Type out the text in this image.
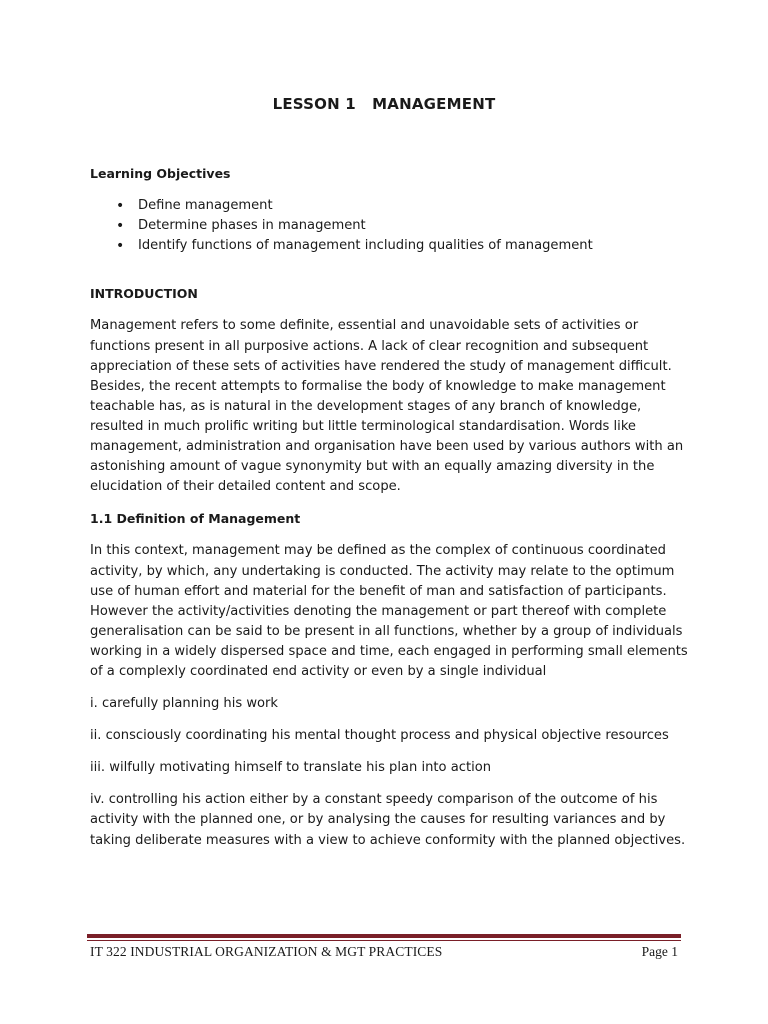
LESSON 1   MANAGEMENT
Learning Objectives
• Define management
• Determine phases in management
• Identify functions of management including qualities of management
INTRODUCTION

Management refers to some definite, essential and unavoidable sets of activities or functions present in all purposive actions. A lack of clear recognition and subsequent appreciation of these sets of activities have rendered the study of management difficult. Besides, the recent attempts to formalise the body of knowledge to make management teachable has, as is natural in the development stages of any branch of knowledge, resulted in much prolific writing but little terminological standardisation. Words like management, administration and organisation have been used by various authors with an astonishing amount of vague synonymity but with an equally amazing diversity in the elucidation of their detailed content and scope.

1.1 Definition of Management

In this context, management may be defined as the complex of continuous coordinated activity, by which, any undertaking is conducted. The activity may relate to the optimum use of human effort and material for the benefit of man and satisfaction of participants. However the activity/activities denoting the management or part thereof with complete generalisation can be said to be present in all functions, whether by a group of individuals working in a widely dispersed space and time, each engaged in performing small elements of a complexly coordinated end activity or even by a single individual

i. carefully planning his work

ii. consciously coordinating his mental thought process and physical objective resources

iii. wilfully motivating himself to translate his plan into action

iv. controlling his action either by a constant speedy comparison of the outcome of his activity with the planned one, or by analysing the causes for resulting variances and by taking deliberate measures with a view to achieve conformity with the planned objectives.

IT 322 INDUSTRIAL ORGANIZATION & MGT PRACTICES	Page 1
